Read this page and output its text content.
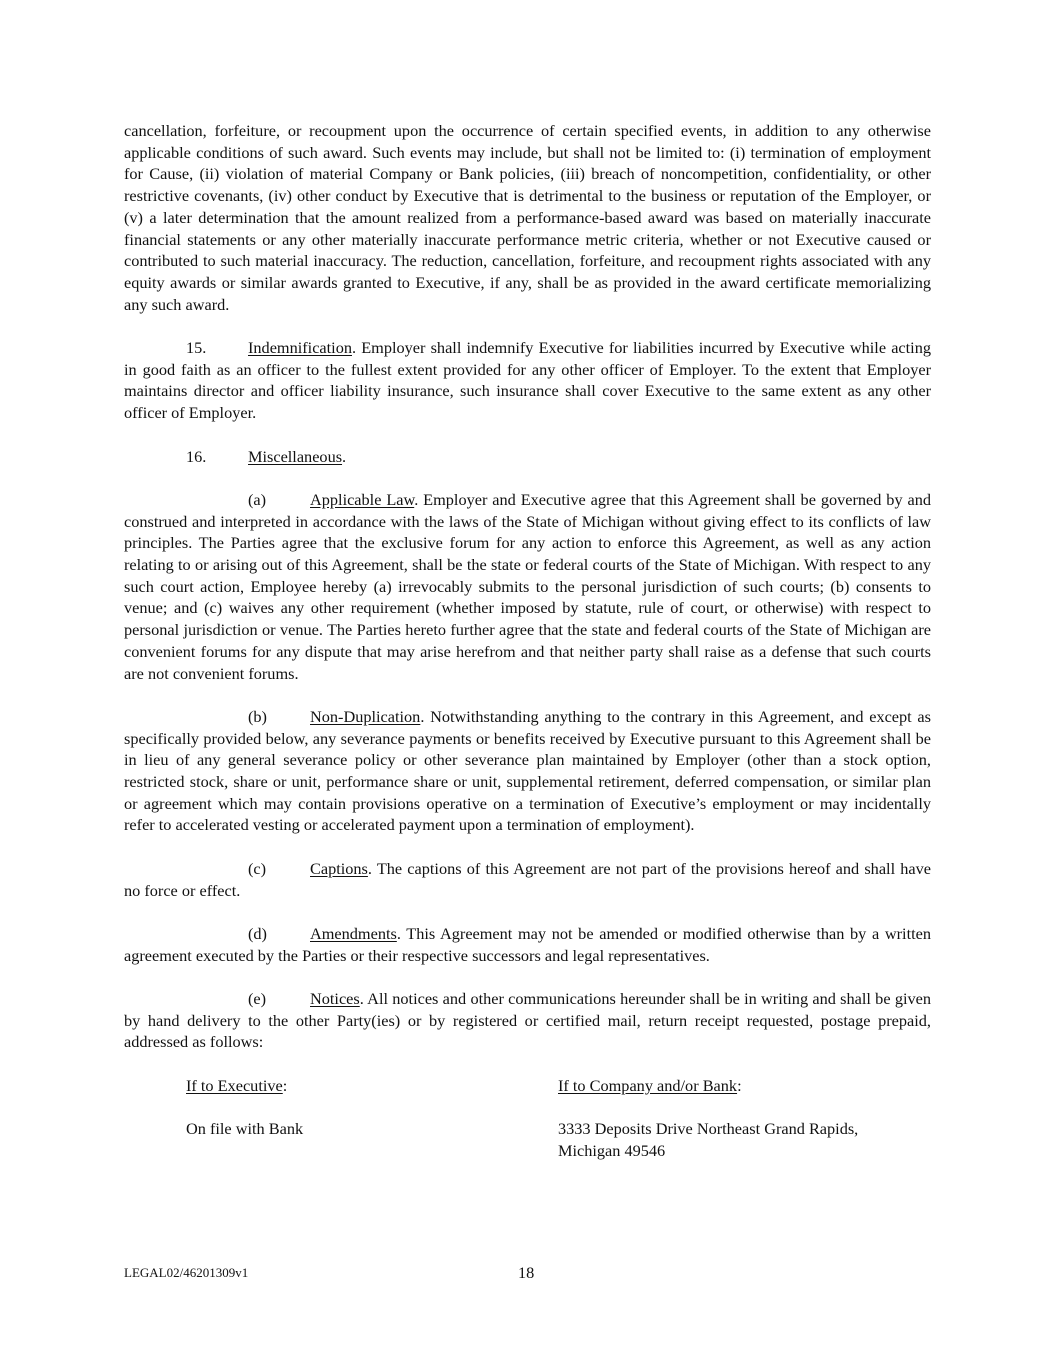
cancellation, forfeiture, or recoupment upon the occurrence of certain specified events, in addition to any otherwise applicable conditions of such award. Such events may include, but shall not be limited to: (i) termination of employment for Cause, (ii) violation of material Company or Bank policies, (iii) breach of noncompetition, confidentiality, or other restrictive covenants, (iv) other conduct by Executive that is detrimental to the business or reputation of the Employer, or (v) a later determination that the amount realized from a performance-based award was based on materially inaccurate financial statements or any other materially inaccurate performance metric criteria, whether or not Executive caused or contributed to such material inaccuracy. The reduction, cancellation, forfeiture, and recoupment rights associated with any equity awards or similar awards granted to Executive, if any, shall be as provided in the award certificate memorializing any such award.

15.	Indemnification. Employer shall indemnify Executive for liabilities incurred by Executive while acting in good faith as an officer to the fullest extent provided for any other officer of Employer. To the extent that Employer maintains director and officer liability insurance, such insurance shall cover Executive to the same extent as any other officer of Employer.

16.	Miscellaneous.

(a)	Applicable Law. Employer and Executive agree that this Agreement shall be governed by and construed and interpreted in accordance with the laws of the State of Michigan without giving effect to its conflicts of law principles. The Parties agree that the exclusive forum for any action to enforce this Agreement, as well as any action relating to or arising out of this Agreement, shall be the state or federal courts of the State of Michigan. With respect to any such court action, Employee hereby (a) irrevocably submits to the personal jurisdiction of such courts; (b) consents to venue; and (c) waives any other requirement (whether imposed by statute, rule of court, or otherwise) with respect to personal jurisdiction or venue. The Parties hereto further agree that the state and federal courts of the State of Michigan are convenient forums for any dispute that may arise herefrom and that neither party shall raise as a defense that such courts are not convenient forums.

(b)	Non-Duplication. Notwithstanding anything to the contrary in this Agreement, and except as specifically provided below, any severance payments or benefits received by Executive pursuant to this Agreement shall be in lieu of any general severance policy or other severance plan maintained by Employer (other than a stock option, restricted stock, share or unit, performance share or unit, supplemental retirement, deferred compensation, or similar plan or agreement which may contain provisions operative on a termination of Executive’s employment or may incidentally refer to accelerated vesting or accelerated payment upon a termination of employment).

(c)	Captions. The captions of this Agreement are not part of the provisions hereof and shall have no force or effect.

(d)	Amendments. This Agreement may not be amended or modified otherwise than by a written agreement executed by the Parties or their respective successors and legal representatives.

(e)	Notices. All notices and other communications hereunder shall be in writing and shall be given by hand delivery to the other Party(ies) or by registered or certified mail, return receipt requested, postage prepaid, addressed as follows:

If to Executive:

On file with Bank

If to Company and/or Bank:

3333 Deposits Drive Northeast Grand Rapids,

Michigan 49546

LEGAL02/46201309v1	18
